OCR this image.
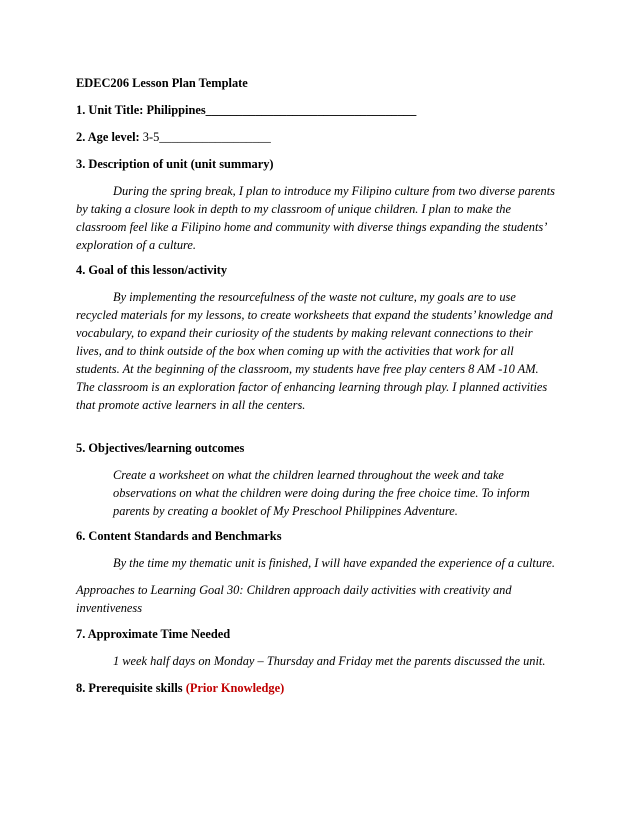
EDEC206 Lesson Plan Template
1. Unit Title: Philippines__________________________________
2. Age level: 3-5__________________
3. Description of unit (unit summary)
During the spring break, I plan to introduce my Filipino culture from two diverse parents
by taking a closure look in depth to my classroom of unique children. I plan to make the
classroom feel like a Filipino home and community with diverse things expanding the students’
exploration of a culture.
4. Goal of this lesson/activity
By implementing the resourcefulness of the waste not culture, my goals are to use
recycled materials for my lessons, to create worksheets that expand the students’ knowledge and
vocabulary, to expand their curiosity of the students by making relevant connections to their
lives, and to think outside of the box when coming up with the activities that work for all
students. At the beginning of the classroom, my students have free play centers 8 AM -10 AM.
The classroom is an exploration factor of enhancing learning through play. I planned activities
that promote active learners in all the centers.
5. Objectives/learning outcomes
Create a worksheet on what the children learned throughout the week and take
observations on what the children were doing during the free choice time. To inform
parents by creating a booklet of My Preschool Philippines Adventure.
6. Content Standards and Benchmarks
By the time my thematic unit is finished, I will have expanded the experience of a culture.
Approaches to Learning Goal 30: Children approach daily activities with creativity and
inventiveness
7. Approximate Time Needed
1 week half days on Monday – Thursday and Friday met the parents discussed the unit.
8. Prerequisite skills (Prior Knowledge)
